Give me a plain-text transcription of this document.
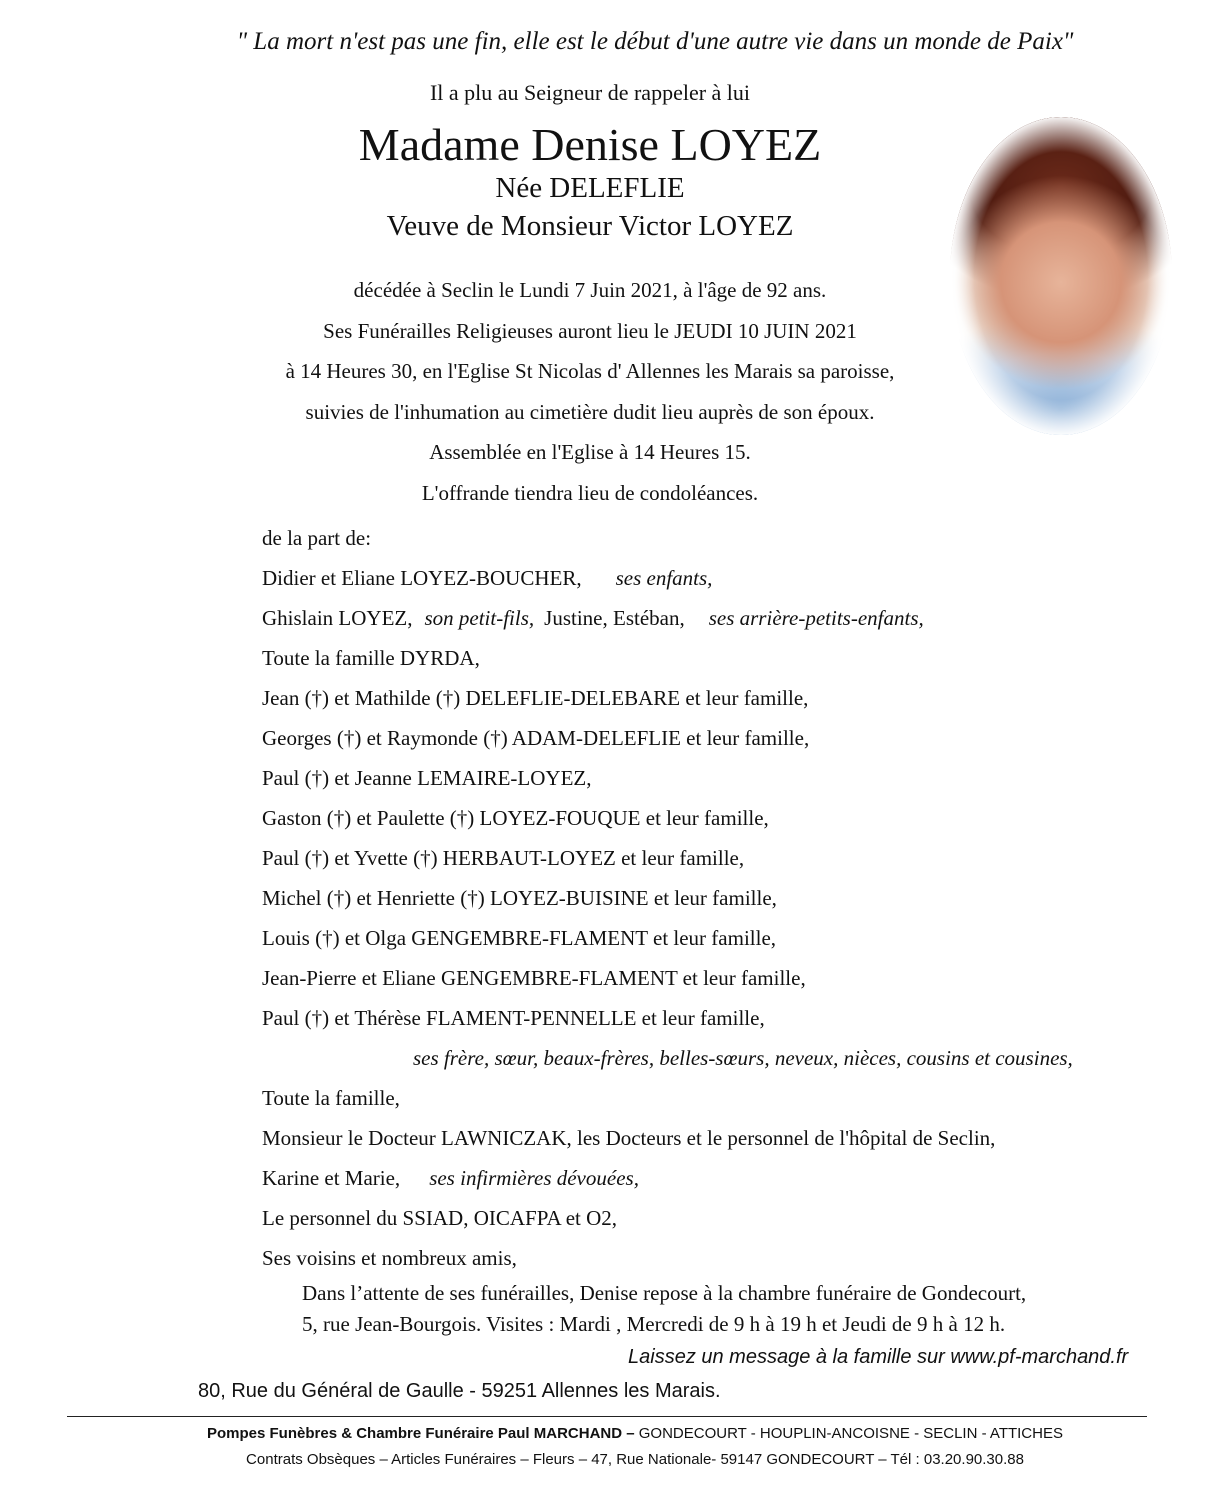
" La mort n'est pas une fin, elle est le début d'une autre vie dans un monde de Paix"
Il a plu au Seigneur de rappeler à lui
Madame Denise LOYEZ
Née DELEFLIE
Veuve de Monsieur Victor LOYEZ
décédée à Seclin le Lundi 7 Juin 2021, à l'âge de 92 ans.
Ses Funérailles Religieuses auront lieu le JEUDI 10 JUIN 2021
à 14 Heures 30, en l'Eglise St Nicolas d' Allennes les Marais sa paroisse,
suivies de l'inhumation au cimetière dudit lieu auprès de son époux.
Assemblée en l'Eglise à 14 Heures 15.
L'offrande tiendra lieu de condoléances.
de la part de:
Didier et Eliane LOYEZ-BOUCHER, ses enfants,
Ghislain LOYEZ, son petit-fils, Justine, Estéban, ses arrière-petits-enfants,
Toute la famille DYRDA,
Jean (†) et Mathilde (†) DELEFLIE-DELEBARE et leur famille,
Georges (†) et Raymonde (†) ADAM-DELEFLIE et leur famille,
Paul (†) et Jeanne LEMAIRE-LOYEZ,
Gaston (†) et Paulette (†) LOYEZ-FOUQUE et leur famille,
Paul (†) et Yvette (†) HERBAUT-LOYEZ et leur famille,
Michel (†) et Henriette (†) LOYEZ-BUISINE et leur famille,
Louis (†) et Olga GENGEMBRE-FLAMENT et leur famille,
Jean-Pierre et Eliane GENGEMBRE-FLAMENT et leur famille,
Paul (†) et Thérèse FLAMENT-PENNELLE et leur famille,
ses frère, sœur, beaux-frères, belles-sœurs, neveux, nièces, cousins et cousines,
Toute la famille,
Monsieur le Docteur LAWNICZAK, les Docteurs et le personnel de l'hôpital de Seclin,
Karine et Marie, ses infirmières dévouées,
Le personnel du SSIAD, OICAFPA et O2,
Ses voisins et nombreux amis,
Dans l’attente de ses funérailles, Denise repose à la chambre funéraire de Gondecourt,
5, rue Jean-Bourgois. Visites : Mardi , Mercredi de 9 h à 19 h et Jeudi de 9 h à 12 h.
Laissez un message à la famille sur www.pf-marchand.fr
80, Rue du Général de Gaulle - 59251 Allennes les Marais.
Pompes Funèbres & Chambre Funéraire Paul MARCHAND – GONDECOURT - HOUPLIN-ANCOISNE - SECLIN - ATTICHES
Contrats Obsèques – Articles Funéraires – Fleurs – 47, Rue Nationale- 59147 GONDECOURT – Tél : 03.20.90.30.88
